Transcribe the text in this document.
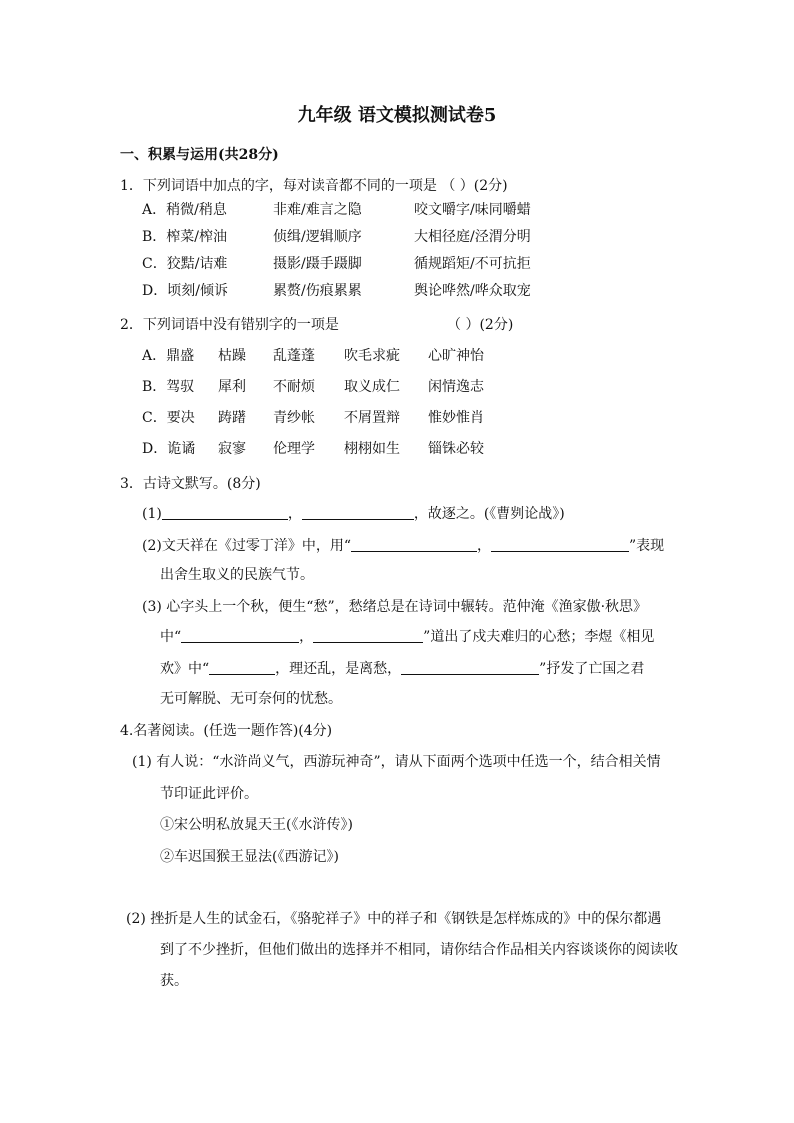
九年级 语文模拟测试卷5
一、积累与运用(共28分)
1．下列词语中加点的字，每对读音都不同的一项是 （ ）(2分)
A．稍微/稍息	非难/难言之隐	咬文嚼字/味同嚼蜡
B．榨菜/榨油	侦缉/逻辑顺序	大相径庭/泾渭分明
C．狡黠/诘难	摄影/蹑手蹑脚	循规蹈矩/不可抗拒
D．顷刻/倾诉	累赘/伤痕累累	舆论哗然/哗众取宠
2．下列词语中没有错别字的一项是	（ ）(2分)
A．鼎盛	枯躁	乱蓬蓬	吹毛求疵	心旷神怡
B．驾驭	犀利	不耐烦	取义成仁	闲情逸志
C．要决	踌躇	青纱帐	不屑置辩	惟妙惟肖
D．诡谲	寂寥	伦理学	栩栩如生	锱铢必较
3．古诗文默写。(8分)
(1)	，	，故逐之。(《曹刿论战》)
(2)文天祥在《过零丁洋》中，用“	，	”表现
出舍生取义的民族气节。
(3) 心字头上一个秋，便生“愁”，愁绪总是在诗词中辗转。范仲淹《渔家傲·秋思》
中“	，	”道出了戍夫难归的心愁；李煜《相见
欢》中“	，理还乱，是离愁，	”抒发了亡国之君
无可解脱、无可奈何的忧愁。
4.名著阅读。(任选一题作答)(4分)
(1) 有人说：“水浒尚义气，西游玩神奇”，请从下面两个选项中任选一个，结合相关情
节印证此评价。
①宋公明私放晁天王(《水浒传》)
②车迟国猴王显法(《西游记》)
(2) 挫折是人生的试金石，《骆驼祥子》中的祥子和《钢铁是怎样炼成的》中的保尔都遇
到了不少挫折，但他们做出的选择并不相同，请你结合作品相关内容谈谈你的阅读收
获。
